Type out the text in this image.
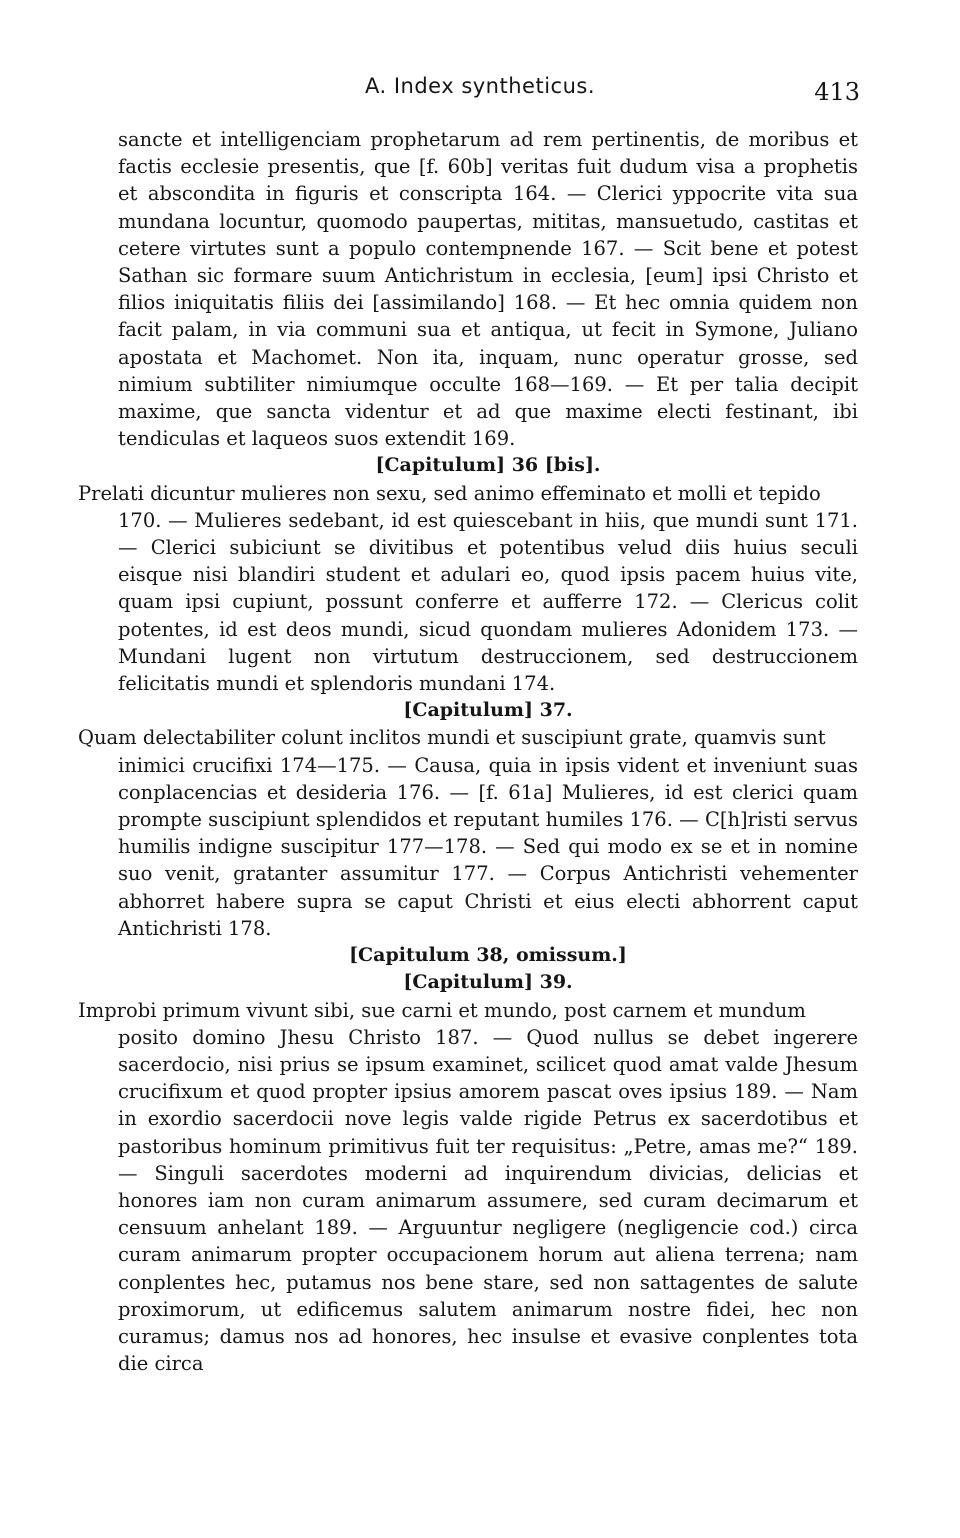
A. Index syntheticus.	413

sancte et intelligenciam prophetarum ad rem pertinentis, de moribus et factis ecclesie presentis, que [f. 60b] veritas fuit dudum visa a prophetis et abscondita in figuris et conscripta 164. — Clerici yppocrite vita sua mundana locuntur, quomodo paupertas, mititas, mansuetudo, castitas et cetere virtutes sunt a populo contempnende 167. — Scit bene et potest Sathan sic formare suum Antichristum in ecclesia, [eum] ipsi Christo et filios iniquitatis filiis dei [assimilando] 168. — Et hec omnia quidem non facit palam, in via communi sua et antiqua, ut fecit in Symone, Juliano apostata et Machomet. Non ita, inquam, nunc operatur grosse, sed nimium subtiliter nimiumque occulte 168—169. — Et per talia decipit maxime, que sancta videntur et ad que maxime electi festinant, ibi tendiculas et laqueos suos extendit 169.

[Capitulum] 36 [bis].

Prelati dicuntur mulieres non sexu, sed animo effeminato et molli et tepido

170. — Mulieres sedebant, id est quiescebant in hiis, que mundi sunt 171. — Clerici subiciunt se divitibus et potentibus velud diis huius seculi eisque nisi blandiri student et adulari eo, quod ipsis pacem huius vite, quam ipsi cupiunt, possunt conferre et aufferre 172. — Clericus colit potentes, id est deos mundi, sicud quondam mulieres Adonidem 173. — Mundani lugent non virtutum destruccionem, sed destruccionem felicitatis mundi et splendoris mundani 174.

[Capitulum] 37.

Quam delectabiliter colunt inclitos mundi et suscipiunt grate, quamvis sunt

inimici crucifixi 174—175. — Causa, quia in ipsis vident et inveniunt suas conplacencias et desideria 176. — [f. 61a] Mulieres, id est clerici quam prompte suscipiunt splendidos et reputant humiles 176. — C[h]risti servus humilis indigne suscipitur 177—178. — Sed qui modo ex se et in nomine suo venit, gratanter assumitur 177. — Corpus Antichristi vehementer abhorret habere supra se caput Christi et eius electi abhorrent caput Antichristi 178.

[Capitulum 38, omissum.]

[Capitulum] 39.

Improbi primum vivunt sibi, sue carni et mundo, post carnem et mundum

posito domino Jhesu Christo 187. — Quod nullus se debet ingerere sacerdocio, nisi prius se ipsum examinet, scilicet quod amat valde Jhesum crucifixum et quod propter ipsius amorem pascat oves ipsius 189. — Nam in exordio sacerdocii nove legis valde rigide Petrus ex sacerdotibus et pastoribus hominum primitivus fuit ter requisitus: „Petre, amas me?“ 189. — Singuli sacerdotes moderni ad inquirendum divicias, delicias et honores iam non curam animarum assumere, sed curam decimarum et censuum anhelant 189. — Arguuntur negligere (negligencie cod.) circa curam animarum propter occupacionem horum aut aliena terrena; nam conplentes hec, putamus nos bene stare, sed non sattagentes de salute proximorum, ut edificemus salutem animarum nostre fidei, hec non curamus; damus nos ad honores, hec insulse et evasive conplentes tota die circa
